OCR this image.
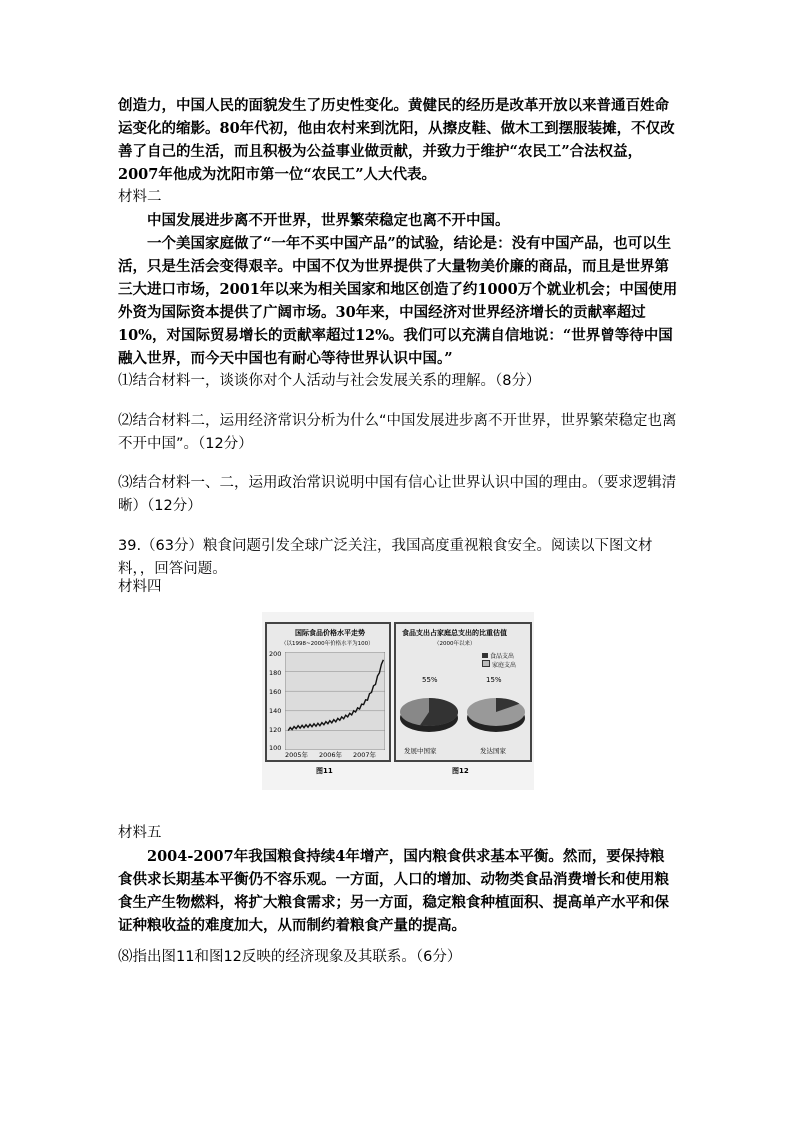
创造力，中国人民的面貌发生了历史性变化。黄健民的经历是改革开放以来普通百姓命运变化的缩影。80年代初，他由农村来到沈阳，从擦皮鞋、做木工到摆服装摊，不仅改善了自己的生活，而且积极为公益事业做贡献，并致力于维护“农民工”合法权益，2007年他成为沈阳市第一位“农民工”人大代表。

材料二

中国发展进步离不开世界，世界繁荣稳定也离不开中国。

一个美国家庭做了“一年不买中国产品”的试验，结论是：没有中国产品，也可以生活，只是生活会变得艰辛。中国不仅为世界提供了大量物美价廉的商品，而且是世界第三大进口市场，2001年以来为相关国家和地区创造了约1000万个就业机会；中国使用外资为国际资本提供了广阔市场。30年来，中国经济对世界经济增长的贡献率超过10%，对国际贸易增长的贡献率超过12%。我们可以充满自信地说：“世界曾等待中国融入世界，而今天中国也有耐心等待世界认识中国。”

⑴结合材料一，谈谈你对个人活动与社会发展关系的理解。（8分）

⑵结合材料二，运用经济常识分析为什么“中国发展进步离不开世界，世界繁荣稳定也离不开中国”。（12分）

⑶结合材料一、二，运用政治常识说明中国有信心让世界认识中国的理由。（要求逻辑清晰）（12分）

39.（63分）粮食问题引发全球广泛关注，我国高度重视粮食安全。阅读以下图文材料，，回答问题。

材料四
国际食品价格水平走势
（以1998~2000年价格水平为100）
200
180
160
140
120
100
2005年 2006年 2007年
图11
食品支出占家庭总支出的比重估值
（2000年以来）
食品支出
家庭支出
55%	15%
发展中国家	发达国家
图12
材料五

2004-2007年我国粮食持续4年增产，国内粮食供求基本平衡。然而，要保持粮食供求长期基本平衡仍不容乐观。一方面，人口的增加、动物类食品消费增长和使用粮食生产生物燃料，将扩大粮食需求；另一方面，稳定粮食种植面积、提高单产水平和保证种粮收益的难度加大，从而制约着粮食产量的提高。

⑻指出图11和图12反映的经济现象及其联系。（6分）
